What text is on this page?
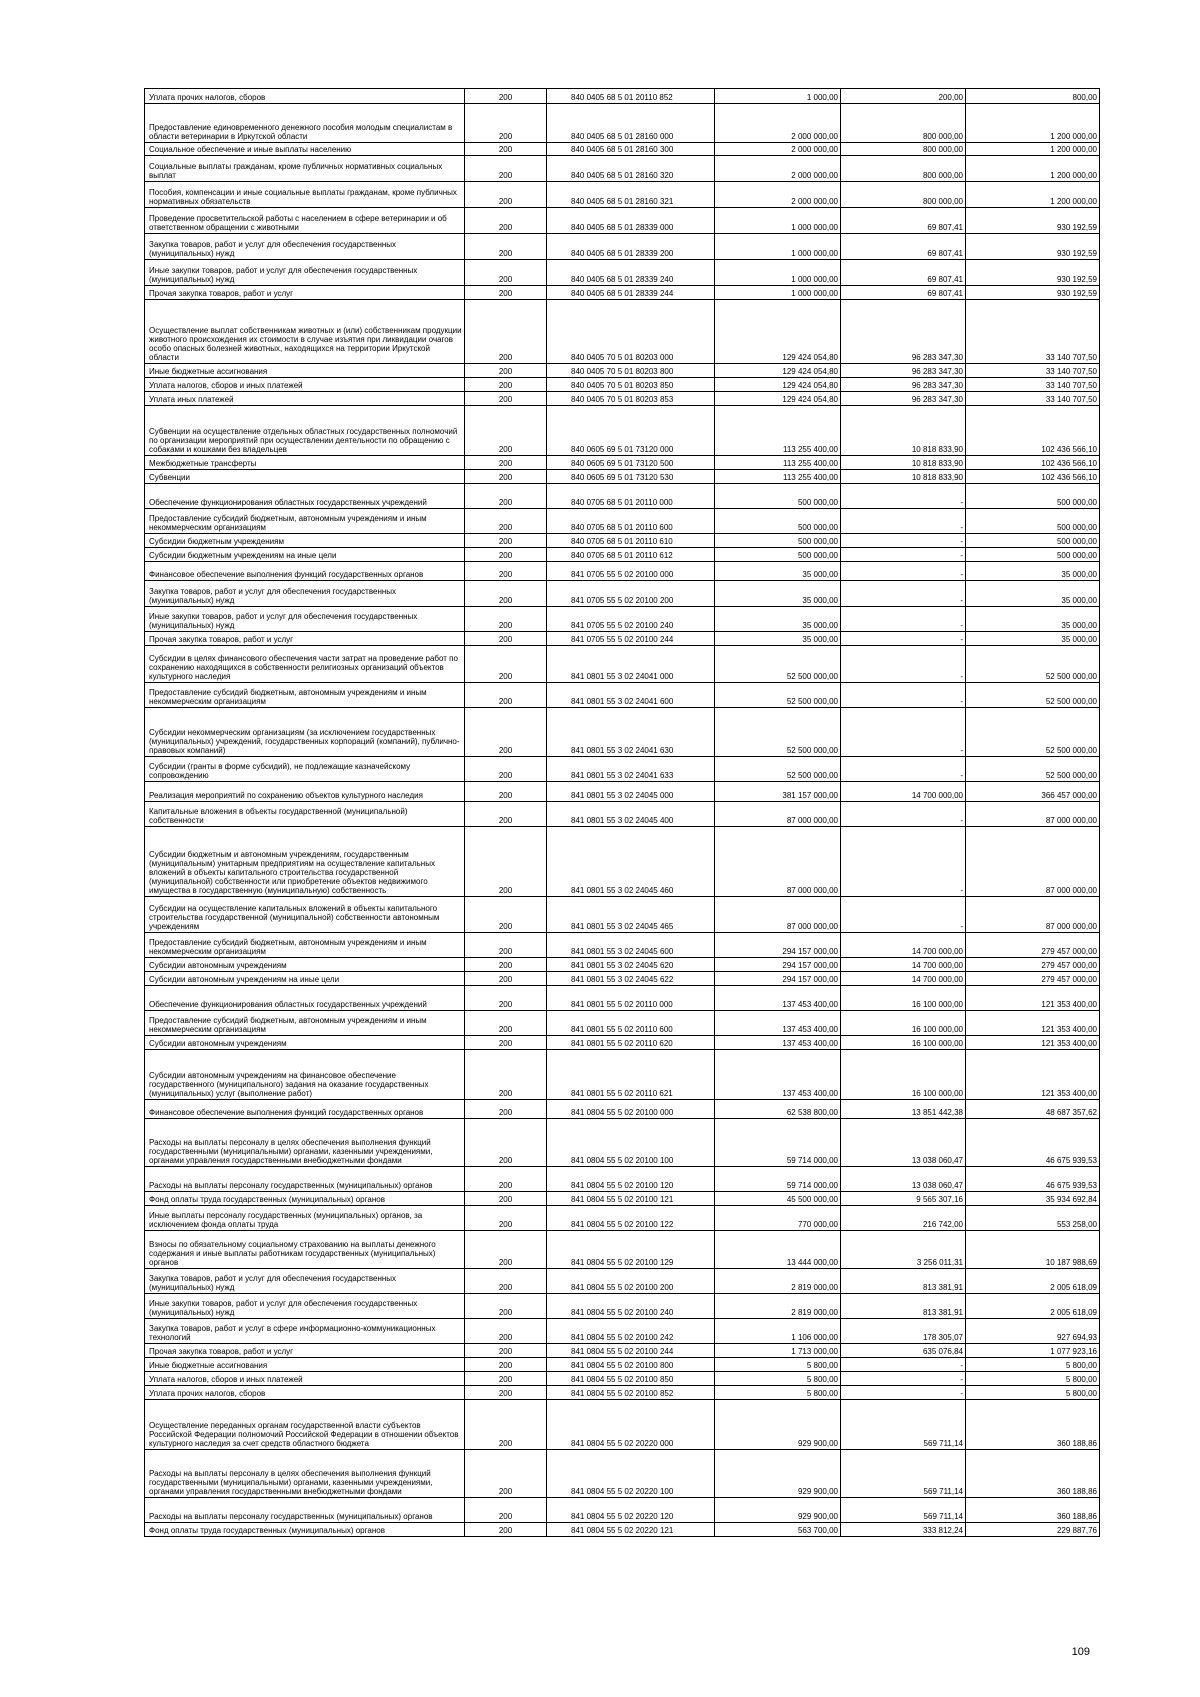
Уплата прочих налогов, сборов	200	840 0405 68 5 01 20110 852	1 000,00	200,00	800,00
Предоставление единовременного денежного пособия молодым специалистам в области ветеринарии в Иркутской области	200	840 0405 68 5 01 28160 000	2 000 000,00	800 000,00	1 200 000,00
Социальное обеспечение и иные выплаты населению	200	840 0405 68 5 01 28160 300	2 000 000,00	800 000,00	1 200 000,00
Социальные выплаты гражданам, кроме публичных нормативных социальных выплат	200	840 0405 68 5 01 28160 320	2 000 000,00	800 000,00	1 200 000,00
Пособия, компенсации и иные социальные выплаты гражданам, кроме публичных нормативных обязательств	200	840 0405 68 5 01 28160 321	2 000 000,00	800 000,00	1 200 000,00
Проведение просветительской работы с населением в сфере ветеринарии и об ответственном обращении с животными	200	840 0405 68 5 01 28339 000	1 000 000,00	69 807,41	930 192,59
Закупка товаров, работ и услуг для обеспечения государственных (муниципальных) нужд	200	840 0405 68 5 01 28339 200	1 000 000,00	69 807,41	930 192,59
Иные закупки товаров, работ и услуг для обеспечения государственных (муниципальных) нужд	200	840 0405 68 5 01 28339 240	1 000 000,00	69 807,41	930 192,59
Прочая закупка товаров, работ и услуг	200	840 0405 68 5 01 28339 244	1 000 000,00	69 807,41	930 192,59
Осуществление выплат собственникам животных и (или) собственникам продукции животного происхождения их стоимости в случае изъятия при ликвидации очагов особо опасных болезней животных, находящихся на территории Иркутской области	200	840 0405 70 5 01 80203 000	129 424 054,80	96 283 347,30	33 140 707,50
Иные бюджетные ассигнования	200	840 0405 70 5 01 80203 800	129 424 054,80	96 283 347,30	33 140 707,50
Уплата налогов, сборов и иных платежей	200	840 0405 70 5 01 80203 850	129 424 054,80	96 283 347,30	33 140 707,50
Уплата иных платежей	200	840 0405 70 5 01 80203 853	129 424 054,80	96 283 347,30	33 140 707,50
Субвенции на осуществление отдельных областных государственных полномочий по организации мероприятий при осуществлении деятельности по обращению с собаками и кошками без владельцев	200	840 0605 69 5 01 73120 000	113 255 400,00	10 818 833,90	102 436 566,10
Межбюджетные трансферты	200	840 0605 69 5 01 73120 500	113 255 400,00	10 818 833,90	102 436 566,10
Субвенции	200	840 0605 69 5 01 73120 530	113 255 400,00	10 818 833,90	102 436 566,10
Обеспечение функционирования областных государственных учреждений	200	840 0705 68 5 01 20110 000	500 000,00	-	500 000,00
Предоставление субсидий бюджетным, автономным учреждениям и иным некоммерческим организациям	200	840 0705 68 5 01 20110 600	500 000,00	-	500 000,00
Субсидии бюджетным учреждениям	200	840 0705 68 5 01 20110 610	500 000,00	-	500 000,00
Субсидии бюджетным учреждениям на иные цели	200	840 0705 68 5 01 20110 612	500 000,00	-	500 000,00
Финансовое обеспечение выполнения функций государственных органов	200	841 0705 55 5 02 20100 000	35 000,00	-	35 000,00
Закупка товаров, работ и услуг для обеспечения государственных (муниципальных) нужд	200	841 0705 55 5 02 20100 200	35 000,00	-	35 000,00
Иные закупки товаров, работ и услуг для обеспечения государственных (муниципальных) нужд	200	841 0705 55 5 02 20100 240	35 000,00	-	35 000,00
Прочая закупка товаров, работ и услуг	200	841 0705 55 5 02 20100 244	35 000,00	-	35 000,00
Субсидии в целях финансового обеспечения части затрат на проведение работ по сохранению находящихся в собственности религиозных организаций объектов культурного наследия	200	841 0801 55 3 02 24041 000	52 500 000,00	-	52 500 000,00
Предоставление субсидий бюджетным, автономным учреждениям и иным некоммерческим организациям	200	841 0801 55 3 02 24041 600	52 500 000,00	-	52 500 000,00
Субсидии некоммерческим организациям (за исключением государственных (муниципальных) учреждений, государственных корпораций (компаний), публично-правовых компаний)	200	841 0801 55 3 02 24041 630	52 500 000,00	-	52 500 000,00
Субсидии (гранты в форме субсидий), не подлежащие казначейскому сопровождению	200	841 0801 55 3 02 24041 633	52 500 000,00	-	52 500 000,00
Реализация мероприятий по сохранению объектов культурного наследия	200	841 0801 55 3 02 24045 000	381 157 000,00	14 700 000,00	366 457 000,00
Капитальные вложения в объекты государственной (муниципальной) собственности	200	841 0801 55 3 02 24045 400	87 000 000,00	-	87 000 000,00
Субсидии бюджетным и автономным учреждениям, государственным (муниципальным) унитарным предприятиям на осуществление капитальных вложений в объекты капитального строительства государственной (муниципальной) собственности или приобретение объектов недвижимого имущества в государственную (муниципальную) собственность	200	841 0801 55 3 02 24045 460	87 000 000,00	-	87 000 000,00
Субсидии на осуществление капитальных вложений в объекты капитального строительства государственной (муниципальной) собственности автономным учреждениям	200	841 0801 55 3 02 24045 465	87 000 000,00	-	87 000 000,00
Предоставление субсидий бюджетным, автономным учреждениям и иным некоммерческим организациям	200	841 0801 55 3 02 24045 600	294 157 000,00	14 700 000,00	279 457 000,00
Субсидии автономным учреждениям	200	841 0801 55 3 02 24045 620	294 157 000,00	14 700 000,00	279 457 000,00
Субсидии автономным учреждениям на иные цели	200	841 0801 55 3 02 24045 622	294 157 000,00	14 700 000,00	279 457 000,00
Обеспечение функционирования областных государственных учреждений	200	841 0801 55 5 02 20110 000	137 453 400,00	16 100 000,00	121 353 400,00
Предоставление субсидий бюджетным, автономным учреждениям и иным некоммерческим организациям	200	841 0801 55 5 02 20110 600	137 453 400,00	16 100 000,00	121 353 400,00
Субсидии автономным учреждениям	200	841 0801 55 5 02 20110 620	137 453 400,00	16 100 000,00	121 353 400,00
Субсидии автономным учреждениям на финансовое обеспечение государственного (муниципального) задания на оказание государственных (муниципальных) услуг (выполнение работ)	200	841 0801 55 5 02 20110 621	137 453 400,00	16 100 000,00	121 353 400,00
Финансовое обеспечение выполнения функций государственных органов	200	841 0804 55 5 02 20100 000	62 538 800,00	13 851 442,38	48 687 357,62
Расходы на выплаты персоналу в целях обеспечения выполнения функций государственными (муниципальными) органами, казенными учреждениями, органами управления государственными внебюджетными фондами	200	841 0804 55 5 02 20100 100	59 714 000,00	13 038 060,47	46 675 939,53
Расходы на выплаты персоналу государственных (муниципальных) органов	200	841 0804 55 5 02 20100 120	59 714 000,00	13 038 060,47	46 675 939,53
Фонд оплаты труда государственных (муниципальных) органов	200	841 0804 55 5 02 20100 121	45 500 000,00	9 565 307,16	35 934 692,84
Иные выплаты персоналу государственных (муниципальных) органов, за исключением фонда оплаты труда	200	841 0804 55 5 02 20100 122	770 000,00	216 742,00	553 258,00
Взносы по обязательному социальному страхованию на выплаты денежного содержания и иные выплаты работникам государственных (муниципальных) органов	200	841 0804 55 5 02 20100 129	13 444 000,00	3 256 011,31	10 187 988,69
Закупка товаров, работ и услуг для обеспечения государственных (муниципальных) нужд	200	841 0804 55 5 02 20100 200	2 819 000,00	813 381,91	2 005 618,09
Иные закупки товаров, работ и услуг для обеспечения государственных (муниципальных) нужд	200	841 0804 55 5 02 20100 240	2 819 000,00	813 381,91	2 005 618,09
Закупка товаров, работ и услуг в сфере информационно-коммуникационных технологий	200	841 0804 55 5 02 20100 242	1 106 000,00	178 305,07	927 694,93
Прочая закупка товаров, работ и услуг	200	841 0804 55 5 02 20100 244	1 713 000,00	635 076,84	1 077 923,16
Иные бюджетные ассигнования	200	841 0804 55 5 02 20100 800	5 800,00	-	5 800,00
Уплата налогов, сборов и иных платежей	200	841 0804 55 5 02 20100 850	5 800,00	-	5 800,00
Уплата прочих налогов, сборов	200	841 0804 55 5 02 20100 852	5 800,00	-	5 800,00
Осуществление переданных органам государственной власти субъектов Российской Федерации полномочий Российской Федерации в отношении объектов культурного наследия за счет средств областного бюджета	200	841 0804 55 5 02 20220 000	929 900,00	569 711,14	360 188,86
Расходы на выплаты персоналу в целях обеспечения выполнения функций государственными (муниципальными) органами, казенными учреждениями, органами управления государственными внебюджетными фондами	200	841 0804 55 5 02 20220 100	929 900,00	569 711,14	360 188,86
Расходы на выплаты персоналу государственных (муниципальных) органов	200	841 0804 55 5 02 20220 120	929 900,00	569 711,14	360 188,86
Фонд оплаты труда государственных (муниципальных) органов	200	841 0804 55 5 02 20220 121	563 700,00	333 812,24	229 887,76
109
